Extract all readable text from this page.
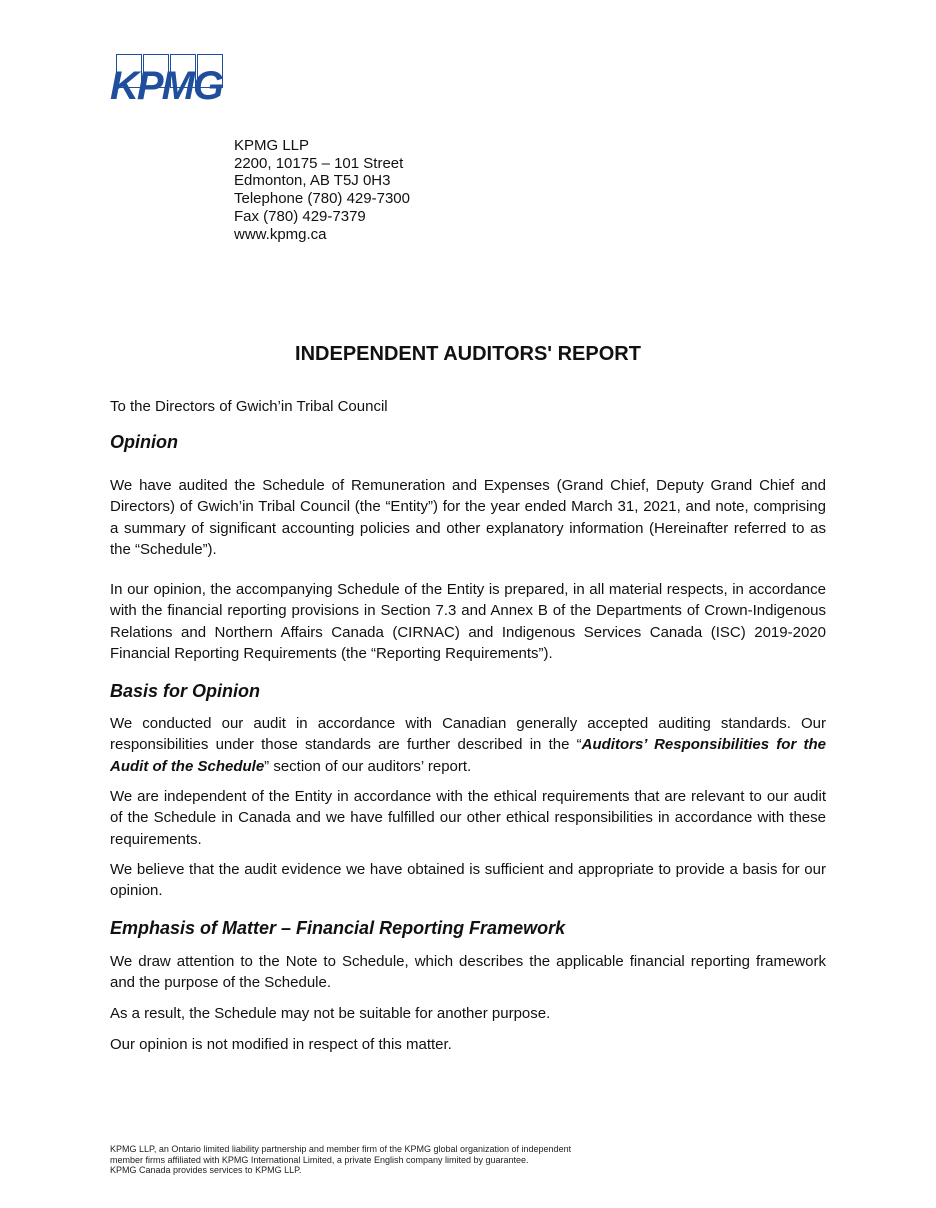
KPMG
KPMG LLP
2200, 10175 – 101 Street
Edmonton, AB T5J 0H3
Telephone (780) 429-7300
Fax (780) 429-7379
www.kpmg.ca
INDEPENDENT AUDITORS' REPORT
To the Directors of Gwich’in Tribal Council
Opinion

We have audited the Schedule of Remuneration and Expenses (Grand Chief, Deputy Grand Chief and Directors) of Gwich’in Tribal Council (the “Entity”) for the year ended March 31, 2021, and note, comprising a summary of significant accounting policies and other explanatory information (Hereinafter referred to as the “Schedule”).

In our opinion, the accompanying Schedule of the Entity is prepared, in all material respects, in accordance with the financial reporting provisions in Section 7.3 and Annex B of the Departments of Crown-Indigenous Relations and Northern Affairs Canada (CIRNAC) and Indigenous Services Canada (ISC) 2019-2020 Financial Reporting Requirements (the “Reporting Requirements”).

Basis for Opinion

We conducted our audit in accordance with Canadian generally accepted auditing standards. Our responsibilities under those standards are further described in the “Auditors’ Responsibilities for the Audit of the Schedule” section of our auditors’ report.

We are independent of the Entity in accordance with the ethical requirements that are relevant to our audit of the Schedule in Canada and we have fulfilled our other ethical responsibilities in accordance with these requirements.

We believe that the audit evidence we have obtained is sufficient and appropriate to provide a basis for our opinion.

Emphasis of Matter – Financial Reporting Framework

We draw attention to the Note to Schedule, which describes the applicable financial reporting framework and the purpose of the Schedule.

As a result, the Schedule may not be suitable for another purpose.

Our opinion is not modified in respect of this matter.

KPMG LLP, an Ontario limited liability partnership and member firm of the KPMG global organization of independent
member firms affiliated with KPMG International Limited, a private English company limited by guarantee.
KPMG Canada provides services to KPMG LLP.
